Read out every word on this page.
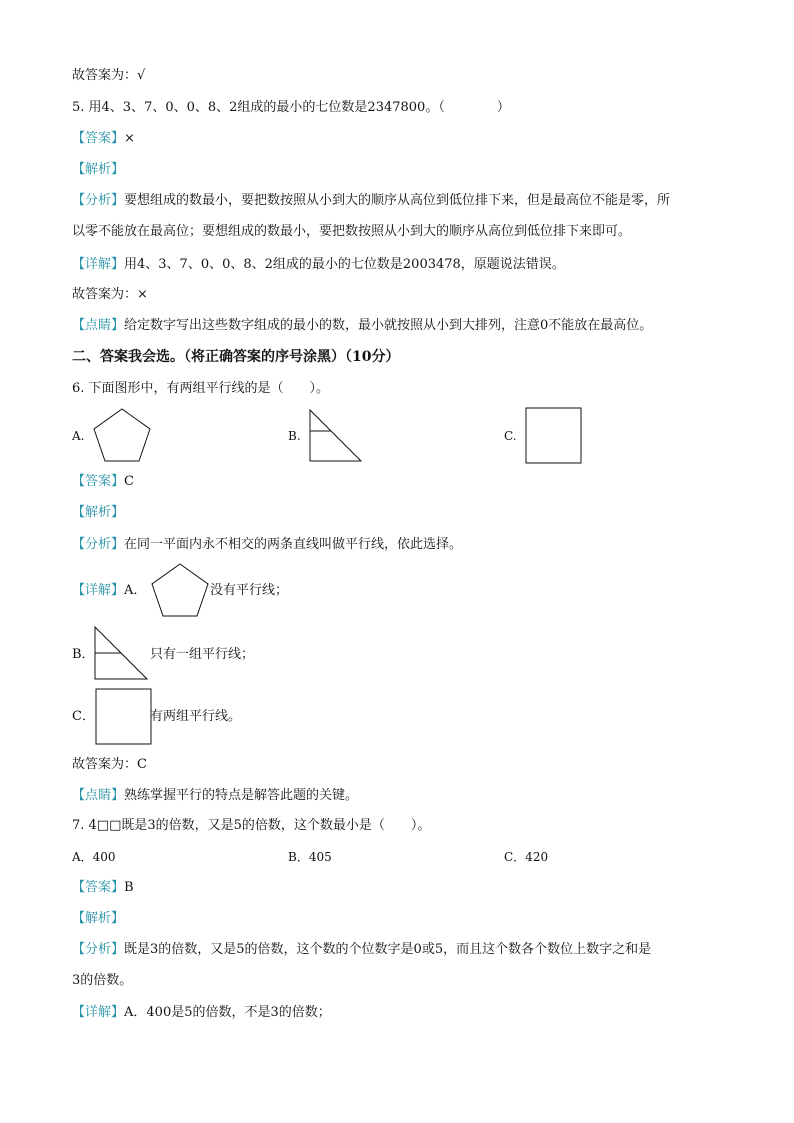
故答案为：√
5. 用4、3、7、0、0、8、2组成的最小的七位数是2347800。（　　　　）
【答案】×
【解析】
【分析】要想组成的数最小，要把数按照从小到大的顺序从高位到低位排下来，但是最高位不能是零，所
以零不能放在最高位；要想组成的数最小，要把数按照从小到大的顺序从高位到低位排下来即可。
【详解】用4、3、7、0、0、8、2组成的最小的七位数是2003478，原题说法错误。
故答案为：×
【点睛】给定数字写出这些数字组成的最小的数，最小就按照从小到大排列，注意0不能放在最高位。
二、答案我会选。（将正确答案的序号涂黑）（10分）
6. 下面图形中，有两组平行线的是（　　）。
A.	B.	C.
【答案】C
【解析】
【分析】在同一平面内永不相交的两条直线叫做平行线，依此选择。
【详解】A．	没有平行线；
B．	只有一组平行线；
C．	有两组平行线。
故答案为：C
【点睛】熟练掌握平行的特点是解答此题的关键。
7. 4□□既是3的倍数，又是5的倍数，这个数最小是（　　）。
A．400	B．405	C．420
【答案】B
【解析】
【分析】既是3的倍数，又是5的倍数，这个数的个位数字是0或5，而且这个数各个数位上数字之和是
3的倍数。
【详解】A．400是5的倍数，不是3的倍数；
